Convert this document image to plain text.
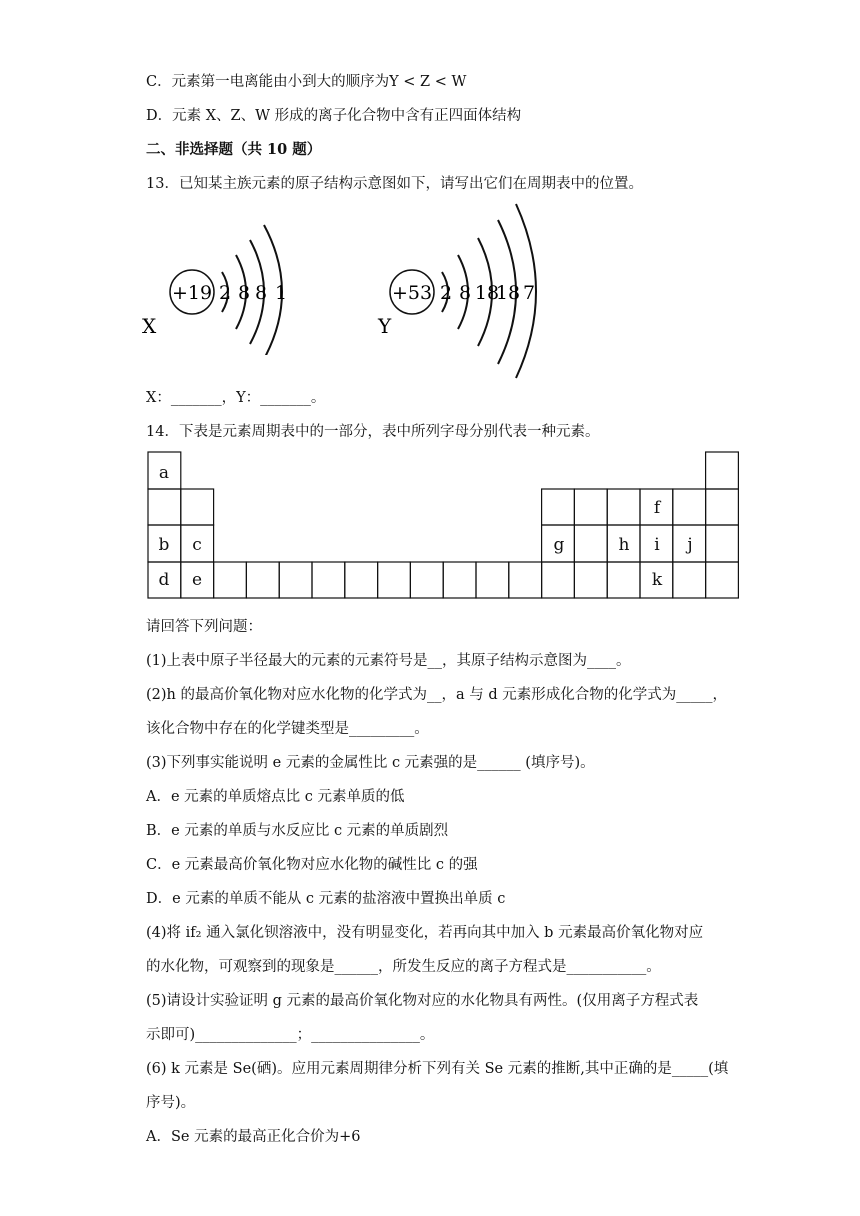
C．元素第一电离能由小到大的顺序为Y < Z < W
D．元素 X、Z、W 形成的离子化合物中含有正四面体结构
二、非选择题（共 10 题）
13．已知某主族元素的原子结构示意图如下，请写出它们在周期表中的位置。
X
+19 2 8 8 1
Y
+53 2 8 18
18 7
X：_______，Y：_______。
14．下表是元素周期表中的一部分，表中所列字母分别代表一种元素。
a
b c
d e
f
g	h i j
k
请回答下列问题：
(1)上表中原子半径最大的元素的元素符号是__，其原子结构示意图为____。
(2)h 的最高价氧化物对应水化物的化学式为__，a 与 d 元素形成化合物的化学式为_____，
该化合物中存在的化学键类型是_________。
(3)下列事实能说明 e 元素的金属性比 c 元素强的是______ (填序号)。
A．e 元素的单质熔点比 c 元素单质的低
B．e 元素的单质与水反应比 c 元素的单质剧烈
C．e 元素最高价氧化物对应水化物的碱性比 c 的强
D．e 元素的单质不能从 c 元素的盐溶液中置换出单质 c
(4)将 if₂ 通入氯化钡溶液中，没有明显变化，若再向其中加入 b 元素最高价氧化物对应
的水化物，可观察到的现象是______，所发生反应的离子方程式是___________。
(5)请设计实验证明 g 元素的最高价氧化物对应的水化物具有两性。(仅用离子方程式表
示即可)______________；_______________。
(6) k 元素是 Se(硒)。应用元素周期律分析下列有关 Se 元素的推断,其中正确的是_____(填
序号)。
A．Se 元素的最高正化合价为+6
